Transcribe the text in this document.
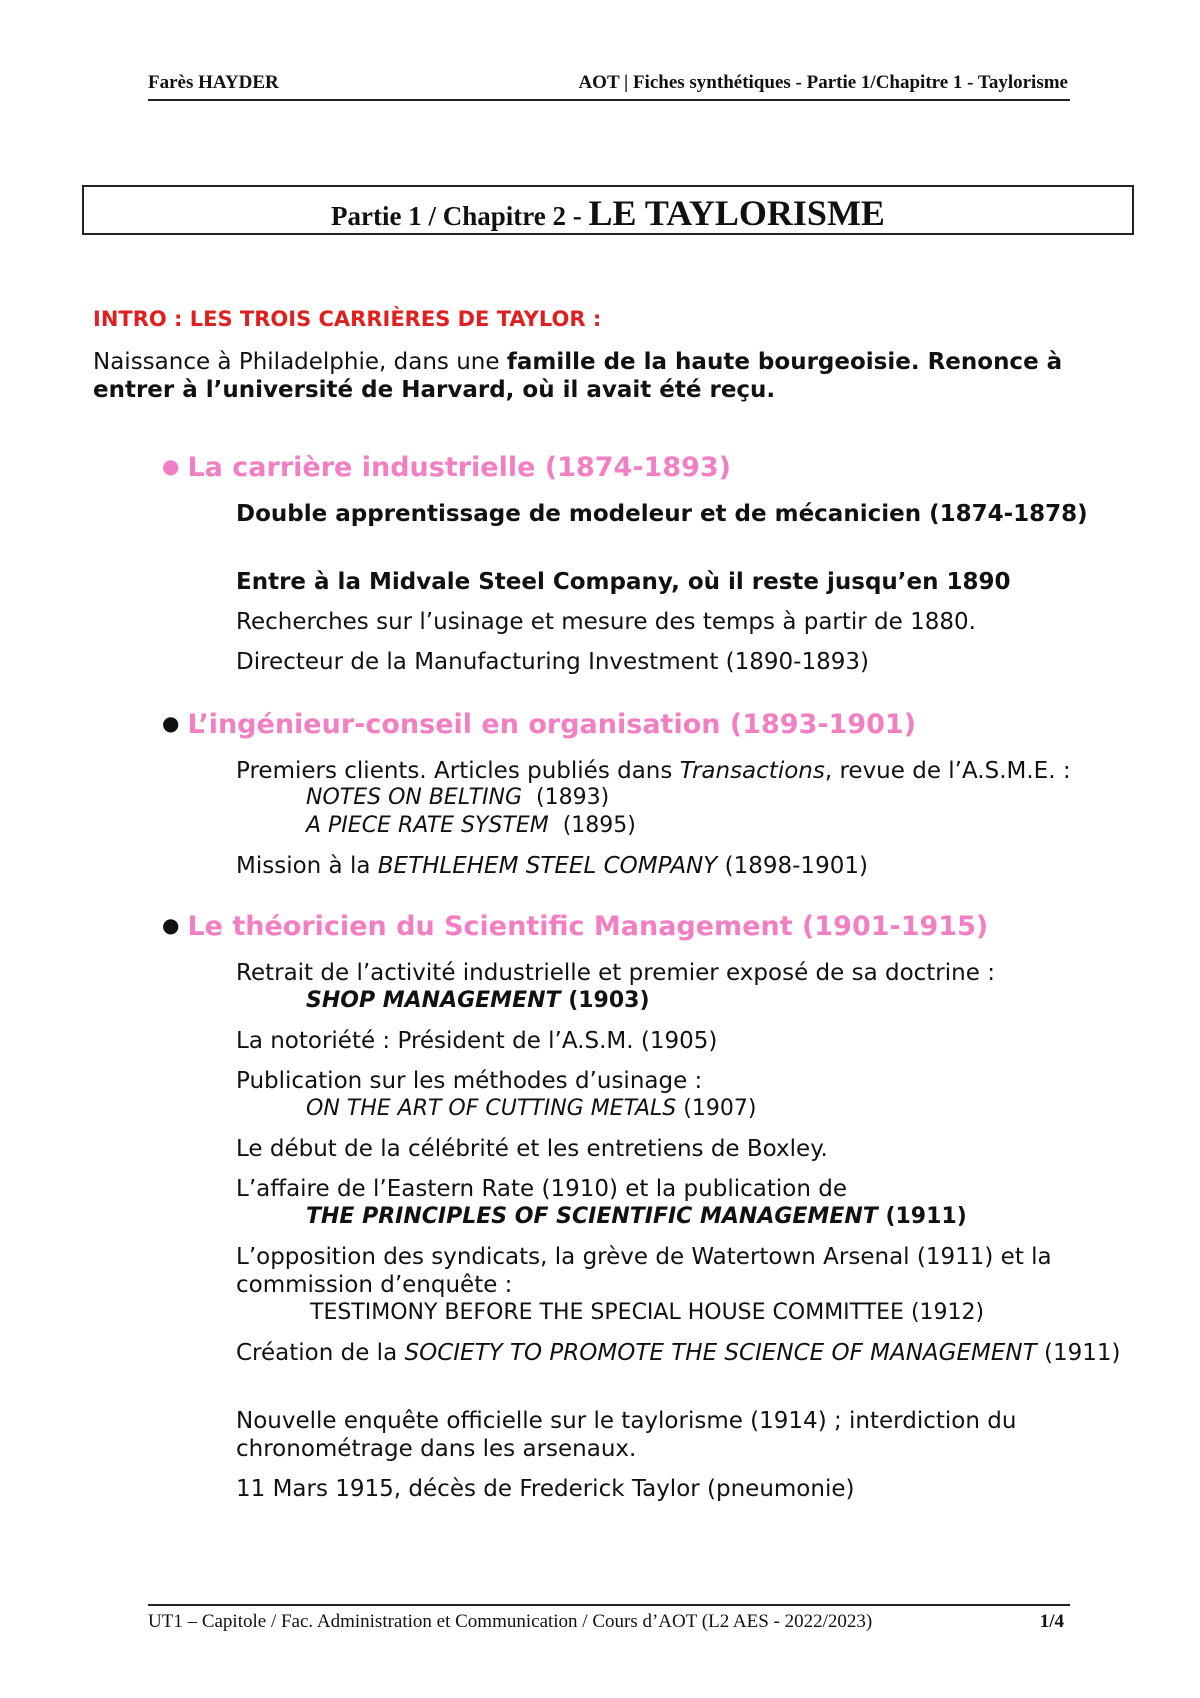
Farès HAYDER	AOT | Fiches synthétiques - Partie 1/Chapitre 1 - Taylorisme
Partie 1 / Chapitre 2 - LE TAYLORISME
INTRO : LES TROIS CARRIÈRES DE TAYLOR :
Naissance à Philadelphie, dans une famille de la haute bourgeoisie. Renonce à entrer à l’université de Harvard, où il avait été reçu.
● La carrière industrielle (1874-1893)
Double apprentissage de modeleur et de mécanicien (1874-1878)
Entre à la Midvale Steel Company, où il reste jusqu’en 1890
Recherches sur l’usinage et mesure des temps à partir de 1880.
Directeur de la Manufacturing Investment (1890-1893)
● L’ingénieur-conseil en organisation (1893-1901)
Premiers clients. Articles publiés dans Transactions, revue de l’A.S.M.E. :
NOTES ON BELTING (1893)
A PIECE RATE SYSTEM (1895)
Mission à la BETHLEHEM STEEL COMPANY (1898-1901)
● Le théoricien du Scientific Management (1901-1915)
Retrait de l’activité industrielle et premier exposé de sa doctrine :
SHOP MANAGEMENT (1903)
La notoriété : Président de l’A.S.M. (1905)
Publication sur les méthodes d’usinage :
ON THE ART OF CUTTING METALS (1907)
Le début de la célébrité et les entretiens de Boxley.
L’affaire de l’Eastern Rate (1910) et la publication de
THE PRINCIPLES OF SCIENTIFIC MANAGEMENT (1911)
L’opposition des syndicats, la grève de Watertown Arsenal (1911) et la commission d’enquête :
TESTIMONY BEFORE THE SPECIAL HOUSE COMMITTEE (1912)
Création de la SOCIETY TO PROMOTE THE SCIENCE OF MANAGEMENT (1911)
Nouvelle enquête officielle sur le taylorisme (1914) ; interdiction du chronométrage dans les arsenaux.
11 Mars 1915, décès de Frederick Taylor (pneumonie)
UT1 – Capitole / Fac. Administration et Communication / Cours d’AOT (L2 AES - 2022/2023)	1/4
